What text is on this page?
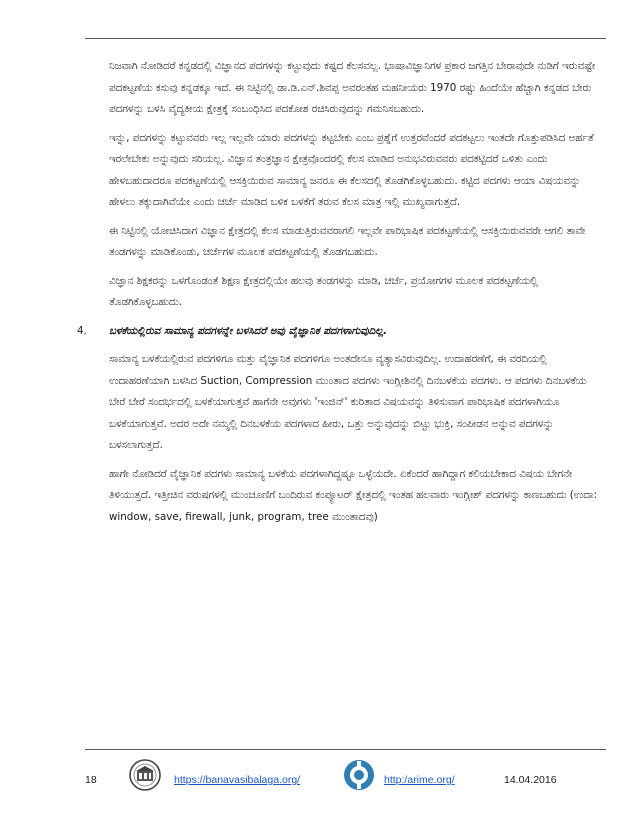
ನಿಜವಾಗಿ ನೋಡಿದರೆ ಕನ್ನಡದಲ್ಲಿ ವಿಜ್ಞಾನದ ಪದಗಳನ್ನು ಕಟ್ಟುವುದು ಕಷ್ಟದ ಕೆಲಸವಲ್ಲ. ಭಾಷಾವಿಜ್ಞಾನಿಗಳ ಪ್ರಕಾರ ಜಗತ್ತಿನ ಬೇರಾವುದೇ ನುಡಿಗೆ ಇರುವಷ್ಟೇ ಪದಕಟ್ಟಣೆಯ ಕಸುವು ಕನ್ನಡಕ್ಕೂ ಇದೆ. ಈ ನಿಟ್ಟಿನಲ್ಲಿ ಡಾ.ಡಿ.ಎನ್.ಶಿವಪ್ಪ ಅವರಂತಹ ಮಹನೀಯರು 1970 ರಷ್ಟು ಹಿಂದೆಯೇ ಹೆಚ್ಚಾಗಿ ಕನ್ನಡದ ಬೇರು ಪದಗಳನ್ನು ಬಳಸಿ ವೈದ್ಯಕೀಯ ಕ್ಷೇತ್ರಕ್ಕೆ ಸಂಬಂಧಿಸಿದ ಪದಕೋಶ ರಚಿಸಿರುವುದನ್ನು ಗಮನಿಸಬಹುದು.

ಇನ್ನು, ಪದಗಳನ್ನು ಕಟ್ಟುವವರು ಇಲ್ಲ ಇಲ್ಲವೇ ಯಾರು ಪದಗಳನ್ನು ಕಟ್ಟಬೇಕು ಎಂಬ ಪ್ರಶ್ನೆಗೆ ಉತ್ತರವೆಂದರೆ ಪದಕಟ್ಟಲು ಇಂತದೇ ಗೊತ್ತುಪಡಿಸಿದ ಅರ್ಹತೆ ಇರಲೇಬೇಕು ಅನ್ನುವುದು ಸರಿಯಲ್ಲ. ವಿಜ್ಞಾನ ತಂತ್ರಜ್ಞಾನ ಕ್ಷೇತ್ರವೊಂದರಲ್ಲಿ ಕೆಲಸ ಮಾಡಿದ ಅನುಭವಿರುವವರು ಪದಕಟ್ಟಿದರೆ ಒಳಿತು ಎಂದು ಹೇಳಬಹುದಾದರೂ ಪದಕಟ್ಟಣೆಯಲ್ಲಿ ಆಸಕ್ತಿಯಿರುವ ಸಾಮಾನ್ಯ ಜನರೂ ಈ ಕೆಲಸದಲ್ಲಿ ತೊಡಗಿಕೊಳ್ಳಬಹುದು. ಕಟ್ಟಿದ ಪದಗಳು ಆಯಾ ವಿಷಯವನ್ನು ಹೇಳಲು ತಕ್ಕುದಾಗಿವೆಯೇ ಎಂದು ಚರ್ಚೆ ಮಾಡಿದ ಬಳಿಕ ಬಳಕೆಗೆ ತರುವ ಕೆಲಸ ಮಾತ್ರ ಇಲ್ಲಿ ಮುಖ್ಯವಾಗುತ್ತದೆ.

ಈ ನಿಟ್ಟಿನಲ್ಲಿ ಯೋಚಿಸಿದಾಗ ವಿಜ್ಞಾನ ಕ್ಷೇತ್ರದಲ್ಲಿ ಕೆಲಸ ಮಾಡುತ್ತಿರುವವರಾಗಲಿ ಇಲ್ಲವೇ ಪಾರಿಭಾಷಿಕ ಪದಕಟ್ಟಣೆಯಲ್ಲಿ ಆಸಕ್ತಿಯಿರುವವರೇ ಆಗಲಿ ತಾವೇ ತಂಡಗಳನ್ನು ಮಾಡಿಕೊಂಡು, ಚರ್ಚೆಗಳ ಮೂಲಕ ಪದಕಟ್ಟಣೆಯಲ್ಲಿ ತೊಡಗಬಹುದು.

ವಿಜ್ಞಾನ ಶಿಕ್ಷಕರನ್ನು ಒಳಗೊಂಡಂತೆ ಶಿಕ್ಷಣ ಕ್ಷೇತ್ರದಲ್ಲಿಯೇ ಹಲವು ತಂಡಗಳನ್ನು ಮಾಡಿ, ಚರ್ಚೆ, ಪ್ರಯೋಗಗಳ ಮೂಲಕ ಪದಕಟ್ಟಣೆಯಲ್ಲಿ ತೊಡಗಿಕೊಳ್ಳಬಹುದು.

4. ಬಳಕೆಯಲ್ಲಿರುವ ಸಾಮಾನ್ಯ ಪದಗಳನ್ನೇ ಬಳಸಿದರೆ ಅವು ವೈಜ್ಞಾನಿಕ ಪದಗಳಾಗುವುದಿಲ್ಲ.

ಸಾಮಾನ್ಯ ಬಳಕೆಯಲ್ಲಿರುವ ಪದಗಳಿಗೂ ಮತ್ತು ವೈಜ್ಞಾನಿಕ ಪದಗಳಿಗೂ ಅಂತದೇನೂ ವ್ಯತ್ಯಾಸವಿರುವುದಿಲ್ಲ. ಉದಾಹರಣೆಗೆ, ಈ ವರದಿಯಲ್ಲಿ ಉದಾಹರಣೆಯಾಗಿ ಬಳಸಿದ Suction, Compression ಮುಂತಾದ ಪದಗಳು ಇಂಗ್ಲೀಶಿನಲ್ಲಿ ದಿನಬಳಕೆಯ ಪದಗಳು. ಆ ಪದಗಳು ದಿನಬಳಕೆಯ ಬೇರೆ ಬೇರೆ ಸಂದರ್ಭದಲ್ಲಿ ಬಳಕೆಯಾಗುತ್ತವೆ ಹಾಗೆನೇ ಅವುಗಳು 'ಇಂಜಿನ್' ಕುರಿತಾದ ವಿಷಯವನ್ನು ತಿಳಿಸುವಾಗ ಪಾರಿಭಾಷಿಕ ಪದಗಳಾಗಿಯೂ ಬಳಕೆಯಾಗುತ್ತವೆ. ಅದರ ಅದೇ ನಮ್ಮಲ್ಲಿ ದಿನಬಳಕೆಯ ಪದಗಳಾದ ಹೀರು, ಒತ್ತು ಅನ್ನುವುದನ್ನು ಬಿಟ್ಟು ಭುಕ್ತಿ, ಸಂಪೀಡನ ಅನ್ನುವ ಪದಗಳನ್ನು ಬಳಸಲಾಗುತ್ತದೆ.

ಹಾಗೇ ನೋಡಿದರೆ ವೈಜ್ಞಾನಿಕ ಪದಗಳು ಸಾಮಾನ್ಯ ಬಳಕೆಯ ಪದಗಳಾಗಿದ್ದಷ್ಟೂ ಒಳ್ಳೆಯದೇ. ಏಕೆಂದರೆ ಹಾಗಿದ್ದಾಗ ಕಲಿಯಬೇಕಾದ ವಿಷಯ ಬೇಗನೇ ತಿಳಿಯುತ್ತದೆ. ಇತ್ತೀಚಿನ ವರುಷಗಳಲ್ಲಿ ಮುಂಚೂಣಿಗೆ ಬಂದಿರುವ ಕಂಪ್ಯೂಟರ್ ಕ್ಷೇತ್ರದಲ್ಲಿ ಇಂತಹ ಹಲವಾರು ಇಂಗ್ಲೀಶ್ ಪದಗಳನ್ನು ಕಾಣಬಹುದು (ಉದಾ: window, save, firewall, junk, program, tree ಮುಂತಾದವು)

18	https://banavasibalaga.org/	http:/arime.org/	14.04.2016
